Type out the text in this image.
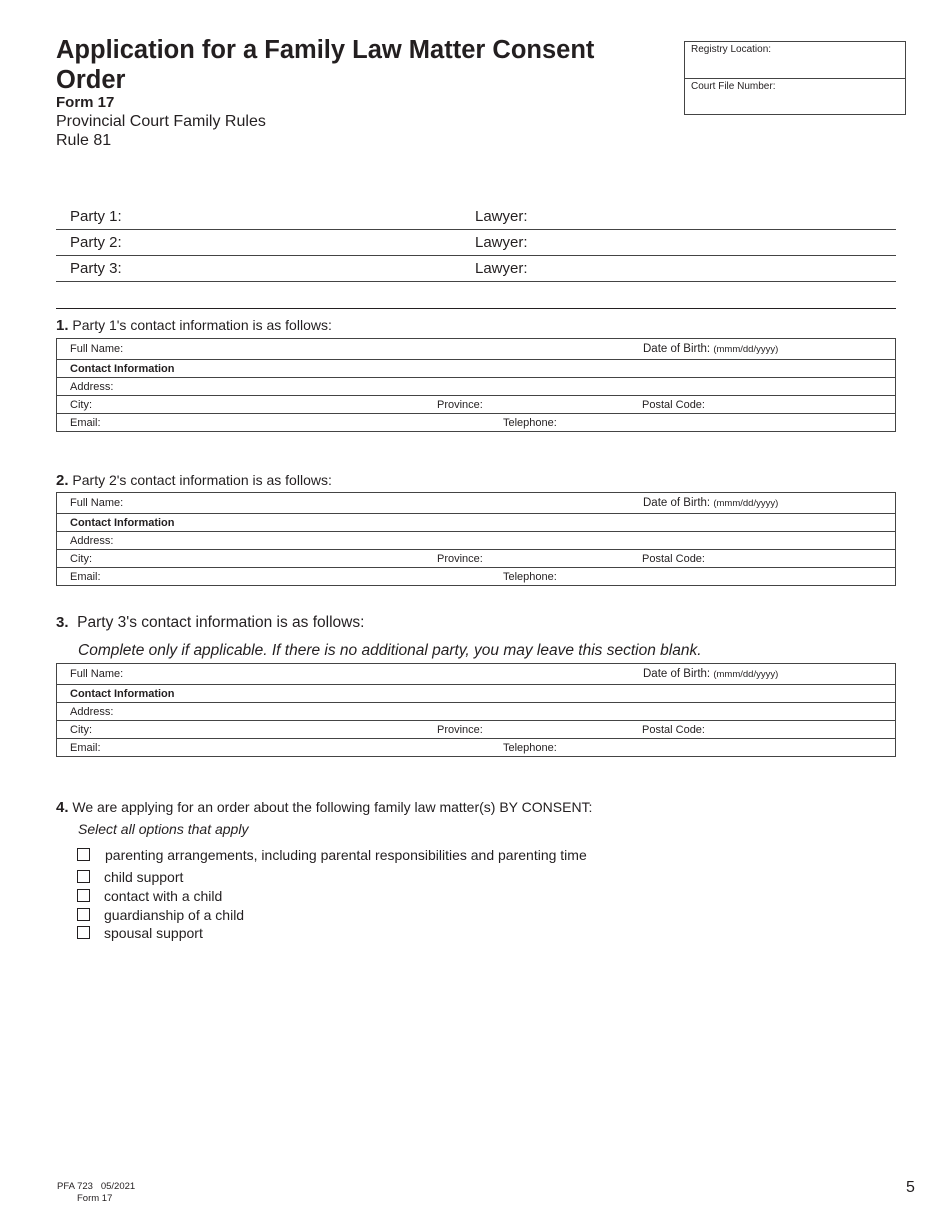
Application for a Family Law Matter Consent Order
Form 17
Provincial Court Family Rules
Rule 81
Registry Location:
Court File Number:
Party 1:	Lawyer:
Party 2:	Lawyer:
Party 3:	Lawyer:
1. Party 1's contact information is as follows:
Full Name:	Date of Birth: (mmm/dd/yyyy)

Contact Information
Address:
City:	Province:	Postal Code:

Email:	Telephone:
2. Party 2's contact information is as follows:
Full Name:	Date of Birth: (mmm/dd/yyyy)

Contact Information
Address:
City:	Province:	Postal Code:

Email:	Telephone:
3. Party 3's contact information is as follows:
Complete only if applicable. If there is no additional party, you may leave this section blank.
Full Name:	Date of Birth: (mmm/dd/yyyy)

Contact Information
Address:
City:	Province:	Postal Code:

Email:	Telephone:
4. We are applying for an order about the following family law matter(s) BY CONSENT:
Select all options that apply
parenting arrangements, including parental responsibilities and parenting time
child support
contact with a child
guardianship of a child
spousal support
PFA 723   05/2021
Form 17
5
